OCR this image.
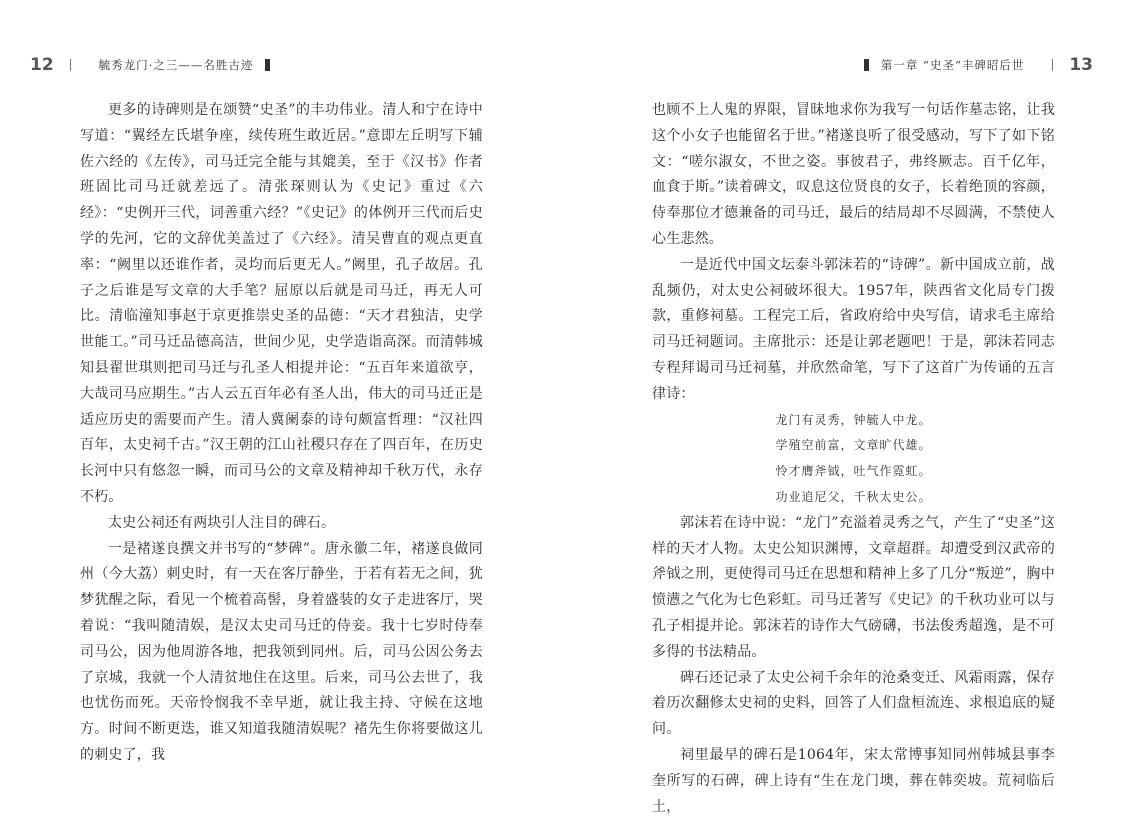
12	毓秀龙门·之三——名胜古迹	第一章 “史圣”丰碑昭后世	13

更多的诗碑则是在颂赞“史圣”的丰功伟业。清人和宁在诗中写道：“翼经左氏堪争座，续传班生敢近居。”意即左丘明写下辅佐六经的《左传》，司马迁完全能与其媲美，至于《汉书》作者班固比司马迁就差远了。清张琛则认为《史记》重过《六经》：“史例开三代，词善重六经？”《史记》的体例开三代而后史学的先河，它的文辞优美盖过了《六经》。清吴曹直的观点更直率：“阙里以还谁作者，灵均而后更无人。”阙里，孔子故居。孔子之后谁是写文章的大手笔？屈原以后就是司马迁，再无人可比。清临潼知事赵于京更推崇史圣的品德：“天才君独洁，史学世能工。”司马迁品德高洁，世间少见，史学造诣高深。而清韩城知县翟世琪则把司马迁与孔圣人相提并论：“五百年来道欲亨，大哉司马应期生。”古人云五百年必有圣人出，伟大的司马迁正是适应历史的需要而产生。清人冀阑泰的诗句颇富哲理：“汉社四百年，太史祠千古。”汉王朝的江山社稷只存在了四百年，在历史长河中只有悠忽一瞬，而司马公的文章及精神却千秋万代，永存不朽。

太史公祠还有两块引人注目的碑石。

一是褚遂良撰文并书写的“梦碑”。唐永徽二年，褚遂良做同州（今大荔）刺史时，有一天在客厅静坐，于若有若无之间，犹梦犹醒之际，看见一个梳着高髻，身着盛装的女子走进客厅，哭着说：“我叫随清娱，是汉太史司马迁的侍妾。我十七岁时侍奉司马公，因为他周游各地，把我领到同州。后，司马公因公务去了京城，我就一个人清贫地住在这里。后来，司马公去世了，我也忧伤而死。天帝怜悯我不幸早逝，就让我主持、守候在这地方。时间不断更迭，谁又知道我随清娱呢？褚先生你将要做这儿的刺史了，我

也顾不上人鬼的界限，冒昧地求你为我写一句话作墓志铭，让我这个小女子也能留名于世。”褚遂良听了很受感动，写下了如下铭文：“嗟尔淑女，不世之姿。事彼君子，弗终厥志。百千亿年，血食于斯。”读着碑文，叹息这位贤良的女子，长着绝顶的容颜，侍奉那位才德兼备的司马迁，最后的结局却不尽圆满，不禁使人心生悲然。

一是近代中国文坛泰斗郭沫若的“诗碑”。新中国成立前，战乱频仍，对太史公祠破坏很大。1957年，陕西省文化局专门拨款，重修祠墓。工程完工后，省政府给中央写信，请求毛主席给司马迁祠题词。主席批示：还是让郭老题吧！于是，郭沫若同志专程拜谒司马迁祠墓，并欣然命笔，写下了这首广为传诵的五言律诗：

龙门有灵秀，钟毓人中龙。
学殖空前富，文章旷代雄。
怜才膺斧钺，吐气作霓虹。
功业追尼父，千秋太史公。

郭沫若在诗中说：“龙门”充溢着灵秀之气，产生了“史圣”这样的天才人物。太史公知识渊博，文章超群。却遭受到汉武帝的斧钺之刑，更使得司马迁在思想和精神上多了几分“叛逆”，胸中愤懑之气化为七色彩虹。司马迁著写《史记》的千秋功业可以与孔子相提并论。郭沫若的诗作大气磅礴，书法俊秀超逸，是不可多得的书法精品。

碑石还记录了太史公祠千余年的沧桑变迁、风霜雨露，保存着历次翻修太史祠的史料，回答了人们盘桓流连、求根追底的疑问。

祠里最早的碑石是1064年，宋太常博事知同州韩城县事李奎所写的石碑，碑上诗有“生在龙门墺，葬在韩奕坡。荒祠临后土，
